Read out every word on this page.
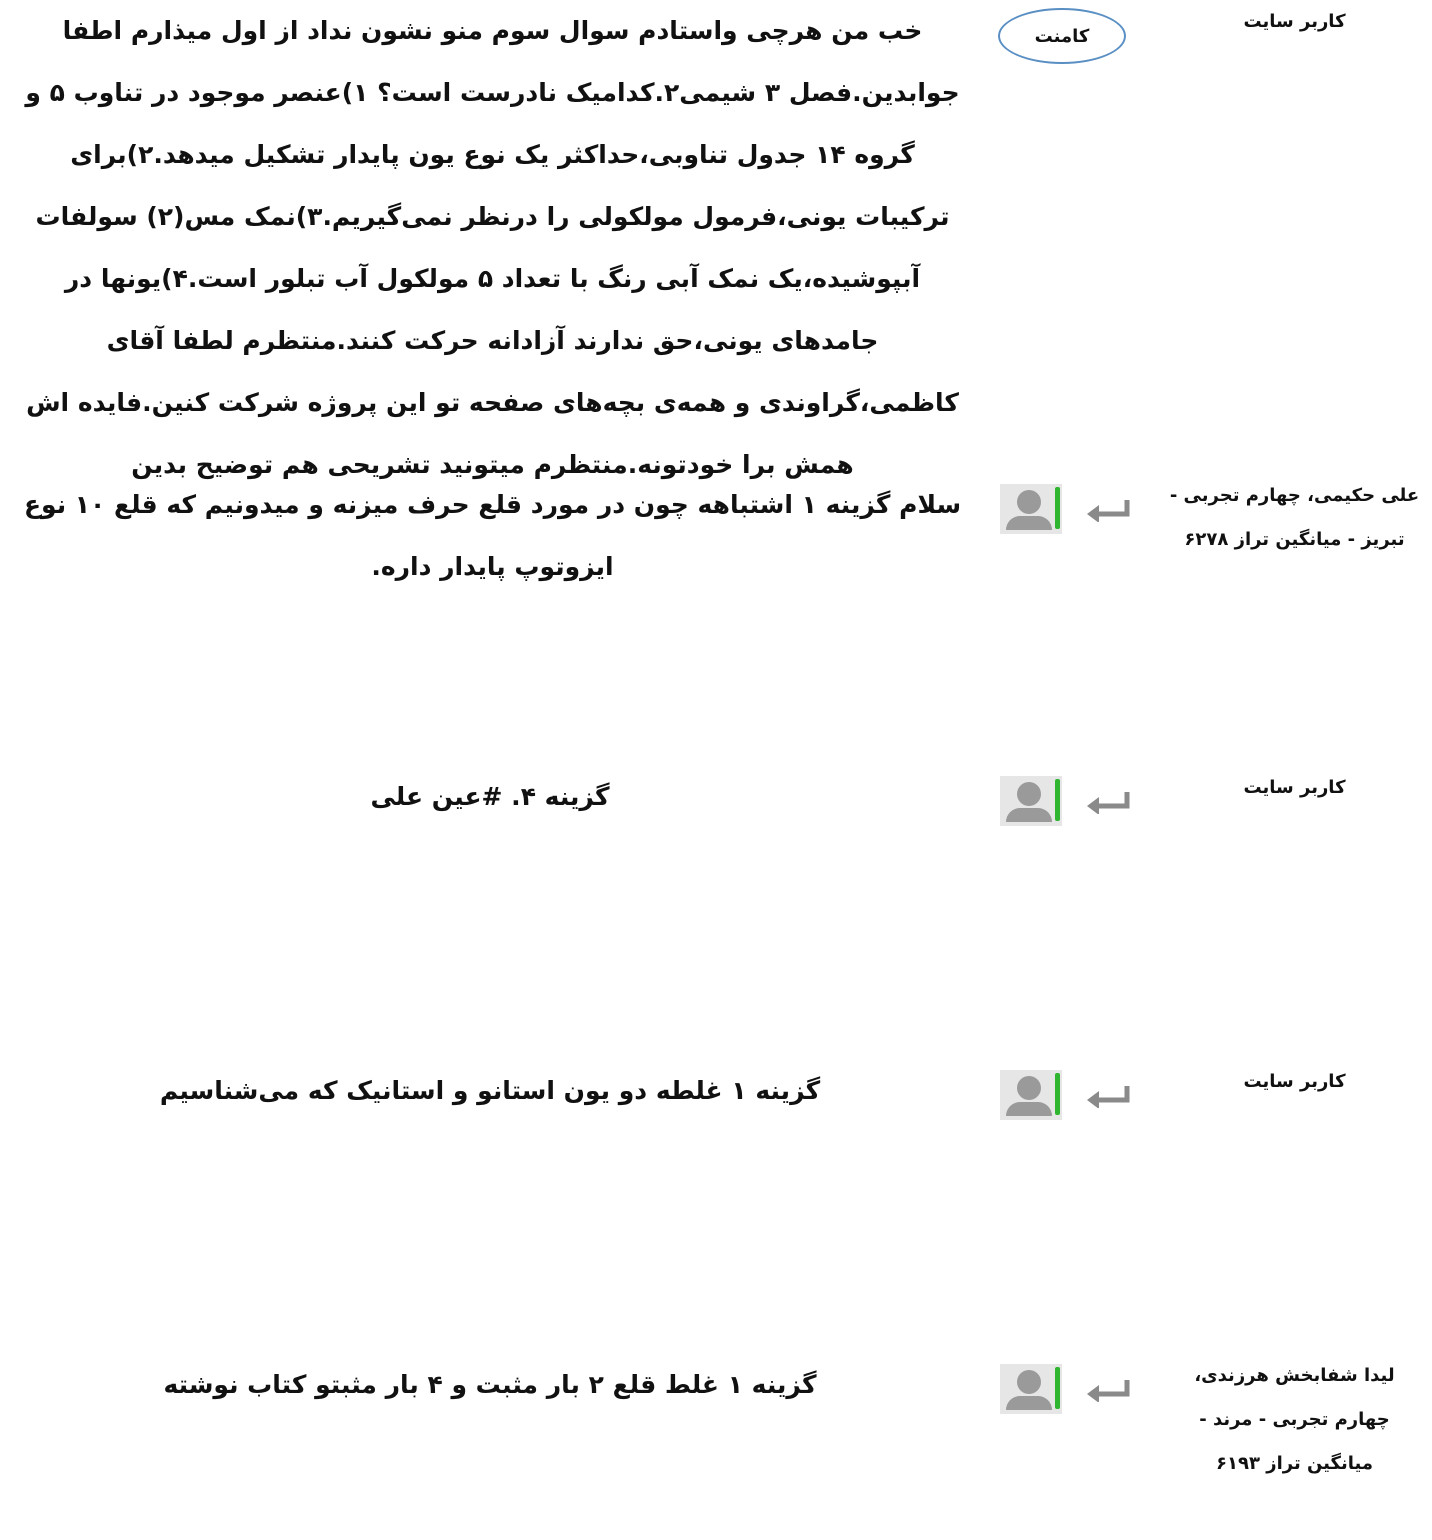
کاربر سایت
کامنت
خب من هرچی واستادم سوال سوم منو نشون نداد از اول میذارم اطفا جوابدین.فصل ۳ شیمی۲.کدامیک نادرست است؟ ۱)عنصر موجود در تناوب ۵ و گروه ۱۴ جدول تناوبی،حداکثر یک نوع یون پایدار تشکیل میدهد.۲)برای ترکیبات یونی،فرمول مولکولی را درنظر نمی‌گیریم.۳)نمک مس(۲) سولفات آبپوشیده،یک نمک آبی رنگ با تعداد ۵ مولکول آب تبلور است.۴)یونها در جامدهای یونی،حق ندارند آزادانه حرکت کنند.منتظرم لطفا آقای کاظمی،گراوندی و همه‌ی بچه‌های صفحه تو این پروژه شرکت کنین.فایده اش همش برا خودتونه.منتظرم میتونید تشریحی هم توضیح بدین
علی حکیمی، چهارم تجربی - تبریز - میانگین تراز ۶۲۷۸
سلام گزینه ۱ اشتباهه چون در مورد قلع حرف میزنه و میدونیم که قلع ۱۰ نوع ایزوتوپ پایدار داره.
کاربر سایت
گزینه ۴. #عین علی
کاربر سایت
گزینه ۱ غلطه دو یون استانو و استانیک که می‌شناسیم
لیدا شفابخش هرزندی، چهارم تجربی - مرند - میانگین تراز ۶۱۹۳
گزینه ۱ غلط قلع ۲ بار مثبت و ۴ بار مثبتو کتاب نوشته
